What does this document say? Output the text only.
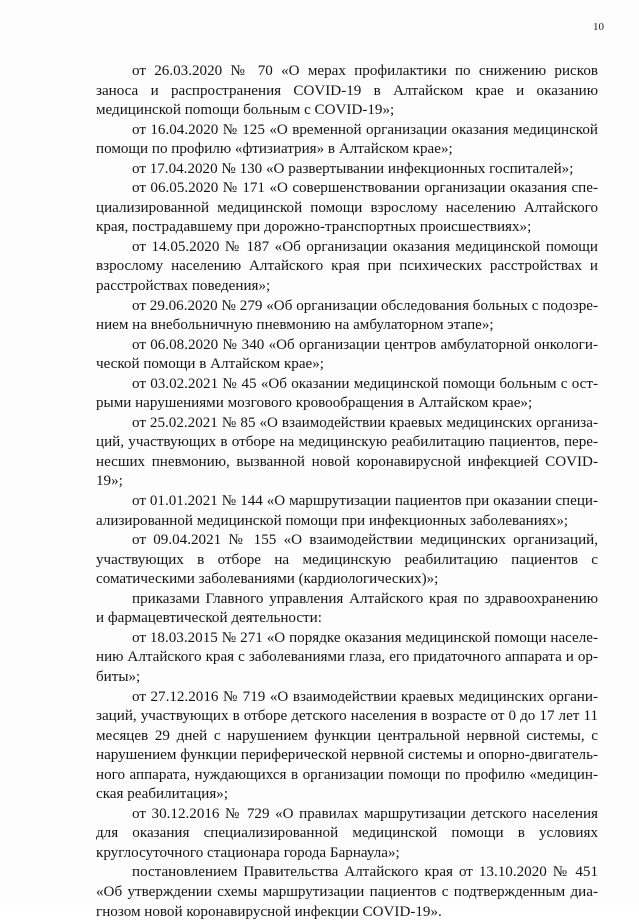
10

от 26.03.2020 № 70 «О мерах профилактики по снижению рисков заноса и распространения COVID-19 в Алтайском крае и оказанию медицинской поmощи больным с COVID-19»;

от 16.04.2020 № 125 «О временной организации оказания медицинской помощи по профилю «фтизиатрия» в Алтайском крае»;

от 17.04.2020 № 130 «О развертывании инфекционных госпиталей»;

от 06.05.2020 № 171 «О совершенствовании организации оказания специализированной медицинской помощи взрослому населению Алтайского края, пострадавшему при дорожно-транспортных происшествиях»;

от 14.05.2020 № 187 «Об организации оказания медицинской помощи взрослому населению Алтайского края при психических расстройствах и расстройствах поведения»;

от 29.06.2020 № 279 «Об организации обследования больных с подозрением на внебольничную пневмонию на амбулаторном этапе»;

от 06.08.2020 № 340 «Об организации центров амбулаторной онкологической помощи в Алтайском крае»;

от 03.02.2021 № 45 «Об оказании медицинской помощи больным с острыми нарушениями мозгового кровообращения в Алтайском крае»;

от 25.02.2021 № 85 «О взаимодействии краевых медицинских организаций, участвующих в отборе на медицинскую реабилитацию пациентов, перенесших пневмонию, вызванной новой коронавирусной инфекцией COVID-19»;

от 01.01.2021 № 144 «О маршрутизации пациентов при оказании специализированной медицинской помощи при инфекционных заболеваниях»;

от 09.04.2021 № 155 «О взаимодействии медицинских организаций, участвующих в отборе на медицинскую реабилитацию пациентов с соматическими заболеваниями (кардиологических)»;

приказами Главного управления Алтайского края по здравоохранению и фармацевтической деятельности:

от 18.03.2015 № 271 «О порядке оказания медицинской помощи населению Алтайского края с заболеваниями глаза, его придаточного аппарата и орбиты»;

от 27.12.2016 № 719 «О взаимодействии краевых медицинских организаций, участвующих в отборе детского населения в возрасте от 0 до 17 лет 11 месяцев 29 дней с нарушением функции центральной нервной системы, с нарушением функции периферической нервной системы и опорно-двигательного аппарата, нуждающихся в организации помощи по профилю «медицинская реабилитация»;

от 30.12.2016 № 729 «О правилах маршрутизации детского населения для оказания специализированной медицинской помощи в условиях круглосуточного стационара города Барнаула»;

постановлением Правительства Алтайского края от 13.10.2020 № 451 «Об утверждении схемы маршрутизации пациентов с подтвержденным диагнозом новой коронавирусной инфекции COVID-19».
